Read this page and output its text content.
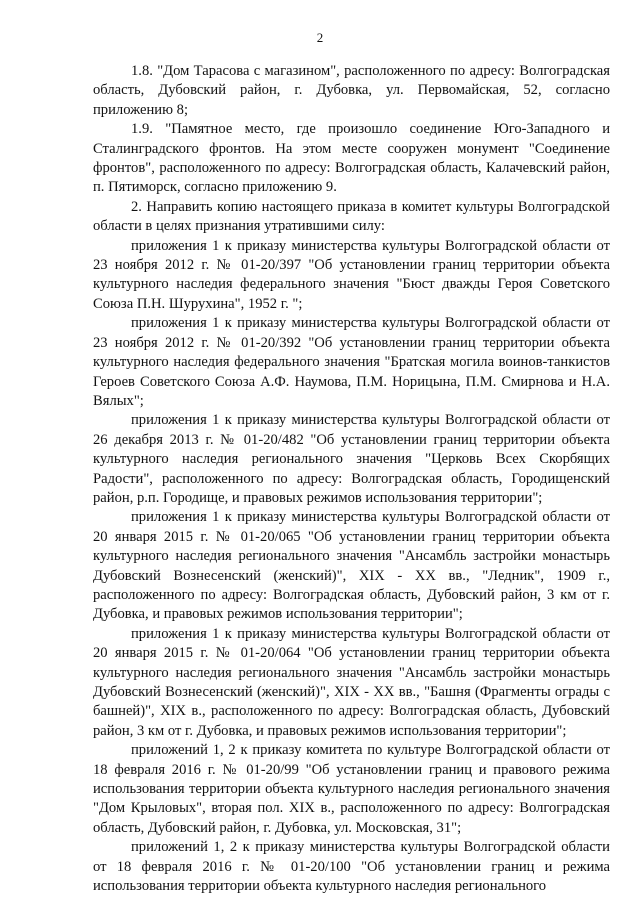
2

1.8. "Дом Тарасова с магазином", расположенного по адресу: Волгоградская область, Дубовский район, г. Дубовка, ул. Первомайская, 52, согласно приложению 8;

1.9. "Памятное место, где произошло соединение Юго-Западного и Сталинградского фронтов. На этом месте сооружен монумент "Соединение фронтов", расположенного по адресу: Волгоградская область, Калачевский район, п. Пятиморск, согласно приложению 9.

2. Направить копию настоящего приказа в комитет культуры Волгоградской области в целях признания утратившими силу:

приложения 1 к приказу министерства культуры Волгоградской области от 23 ноября 2012 г. № 01-20/397 "Об установлении границ территории объекта культурного наследия федерального значения "Бюст дважды Героя Советского Союза П.Н. Шурухина", 1952 г. ";

приложения 1 к приказу министерства культуры Волгоградской области от 23 ноября 2012 г. № 01-20/392 "Об установлении границ территории объекта культурного наследия федерального значения "Братская могила воинов-танкистов Героев Советского Союза А.Ф. Наумова, П.М. Норицына, П.М. Смирнова и Н.А. Вялых";

приложения 1 к приказу министерства культуры Волгоградской области от 26 декабря 2013 г. № 01-20/482 "Об установлении границ территории объекта культурного наследия регионального значения "Церковь Всех Скорбящих Радости", расположенного по адресу: Волгоградская область, Городищенский район, р.п. Городище, и правовых режимов использования территории";

приложения 1 к приказу министерства культуры Волгоградской области от 20 января 2015 г. № 01-20/065 "Об установлении границ территории объекта культурного наследия регионального значения "Ансамбль застройки монастырь Дубовский Вознесенский (женский)", XIX - XX вв., "Ледник", 1909 г., расположенного по адресу: Волгоградская область, Дубовский район, 3 км от г. Дубовка, и правовых режимов использования территории";

приложения 1 к приказу министерства культуры Волгоградской области от 20 января 2015 г. № 01-20/064 "Об установлении границ территории объекта культурного наследия регионального значения "Ансамбль застройки монастырь Дубовский Вознесенский (женский)", XIX - XX вв., "Башня (Фрагменты ограды с башней)", XIX в., расположенного по адресу: Волгоградская область, Дубовский район, 3 км от г. Дубовка, и правовых режимов использования территории";

приложений 1, 2 к приказу комитета по культуре Волгоградской области от 18 февраля 2016 г. № 01-20/99 "Об установлении границ и правового режима использования территории объекта культурного наследия регионального значения "Дом Крыловых", вторая пол. XIX в., расположенного по адресу: Волгоградская область, Дубовский район, г. Дубовка, ул. Московская, 31";

приложений 1, 2 к приказу министерства культуры Волгоградской области от 18 февраля 2016 г. № 01-20/100 "Об установлении границ и режима использования территории объекта культурного наследия регионального
